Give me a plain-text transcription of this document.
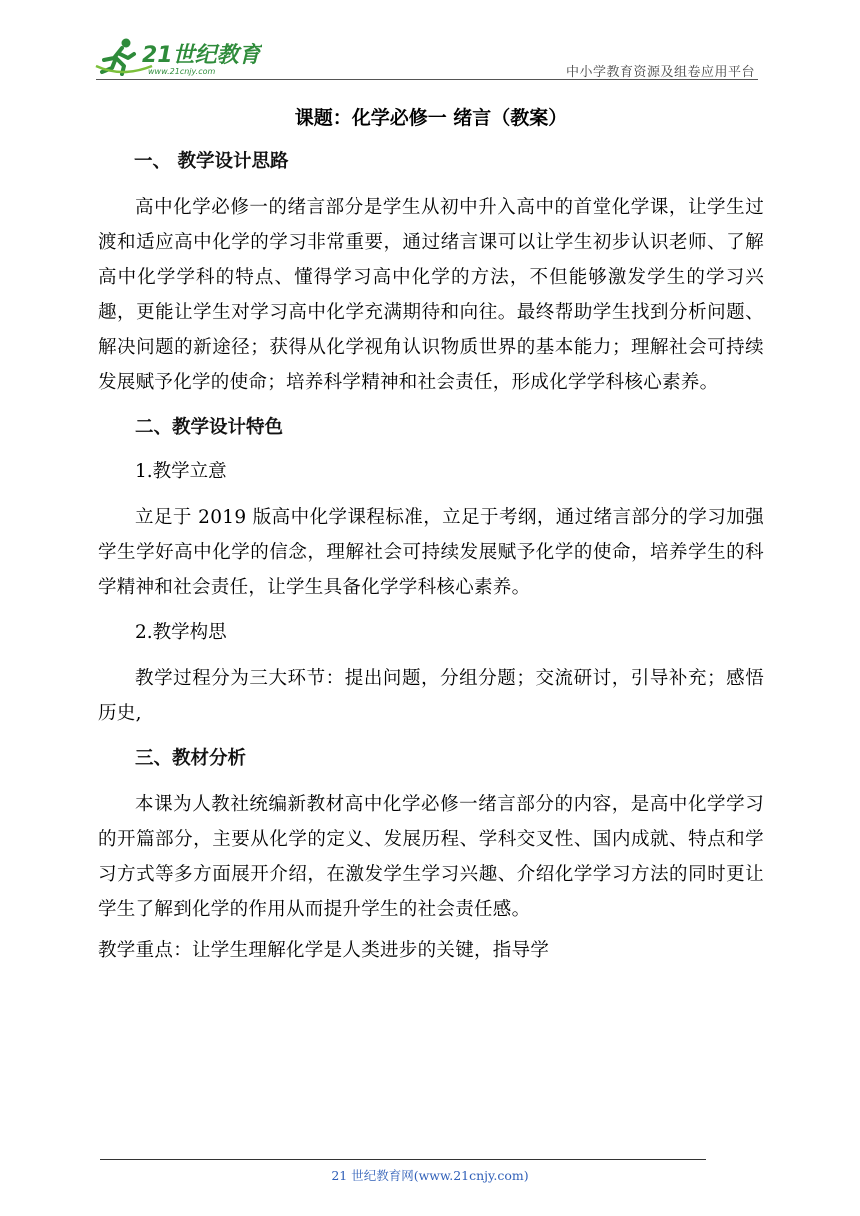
21世纪教育
www.21cnjy.com	中小学教育资源及组卷应用平台
课题：化学必修一 绪言（教案）
一、 教学设计思路
高中化学必修一的绪言部分是学生从初中升入高中的首堂化学课，让学生过渡和适应高中化学的学习非常重要，通过绪言课可以让学生初步认识老师、了解高中化学学科的特点、懂得学习高中化学的方法，不但能够激发学生的学习兴趣，更能让学生对学习高中化学充满期待和向往。最终帮助学生找到分析问题、解决问题的新途径；获得从化学视角认识物质世界的基本能力；理解社会可持续发展赋予化学的使命；培养科学精神和社会责任，形成化学学科核心素养。
二、教学设计特色
1.教学立意
立足于 2019 版高中化学课程标准，立足于考纲，通过绪言部分的学习加强学生学好高中化学的信念，理解社会可持续发展赋予化学的使命，培养学生的科学精神和社会责任，让学生具备化学学科核心素养。
2.教学构思
教学过程分为三大环节：提出问题，分组分题；交流研讨，引导补充；感悟历史,
三、教材分析
本课为人教社统编新教材高中化学必修一绪言部分的内容，是高中化学学习的开篇部分，主要从化学的定义、发展历程、学科交叉性、国内成就、特点和学习方式等多方面展开介绍，在激发学生学习兴趣、介绍化学学习方法的同时更让学生了解到化学的作用从而提升学生的社会责任感。
教学重点：让学生理解化学是人类进步的关键，指导学
21 世纪教育网(www.21cnjy.com)
